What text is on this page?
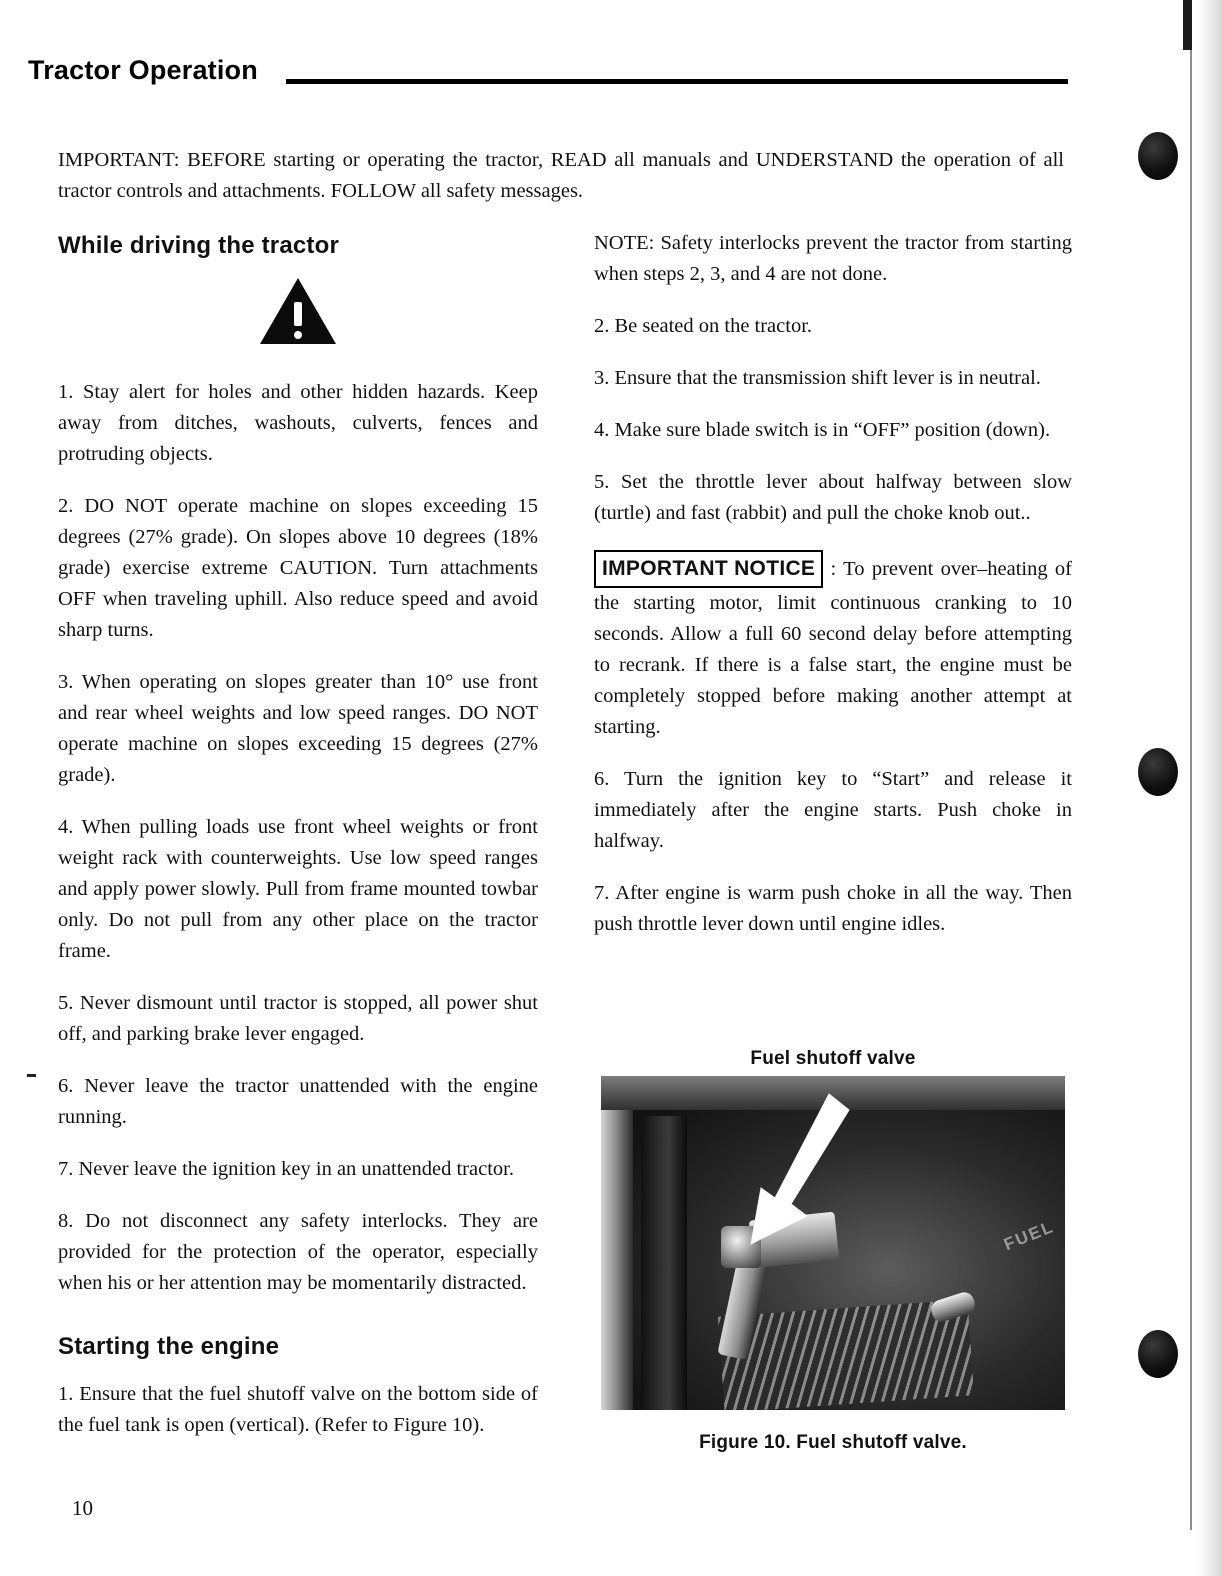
Tractor Operation

IMPORTANT: BEFORE starting or operating the tractor, READ all manuals and UNDERSTAND the operation of all tractor controls and attachments. FOLLOW all safety messages.

While driving the tractor

1. Stay alert for holes and other hidden hazards. Keep away from ditches, washouts, culverts, fences and protruding objects.

2. DO NOT operate machine on slopes exceeding 15 degrees (27% grade). On slopes above 10 degrees (18% grade) exercise extreme CAUTION. Turn attachments OFF when traveling uphill. Also reduce speed and avoid sharp turns.

3. When operating on slopes greater than 10° use front and rear wheel weights and low speed ranges. DO NOT operate machine on slopes exceeding 15 degrees (27% grade).

4. When pulling loads use front wheel weights or front weight rack with counterweights. Use low speed ranges and apply power slowly. Pull from frame mounted towbar only. Do not pull from any other place on the tractor frame.

5. Never dismount until tractor is stopped, all power shut off, and parking brake lever engaged.

6. Never leave the tractor unattended with the engine running.

7. Never leave the ignition key in an unattended tractor.

8. Do not disconnect any safety interlocks. They are provided for the protection of the operator, especially when his or her attention may be momentarily distracted.

Starting the engine

1. Ensure that the fuel shutoff valve on the bottom side of the fuel tank is open (vertical). (Refer to Figure 10).

NOTE: Safety interlocks prevent the tractor from starting when steps 2, 3, and 4 are not done.

2. Be seated on the tractor.

3. Ensure that the transmission shift lever is in neutral.

4. Make sure blade switch is in “OFF” position (down).

5. Set the throttle lever about halfway between slow (turtle) and fast (rabbit) and pull the choke knob out..

IMPORTANT NOTICE : To prevent over–heating of the starting motor, limit continuous cranking to 10 seconds. Allow a full 60 second delay before attempting to recrank. If there is a false start, the engine must be completely stopped before making another attempt at starting.

6. Turn the ignition key to “Start” and release it immediately after the engine starts. Push choke in halfway.

7. After engine is warm push choke in all the way. Then push throttle lever down until engine idles.

Fuel shutoff valve
FUEL
Figure 10. Fuel shutoff valve.
10
